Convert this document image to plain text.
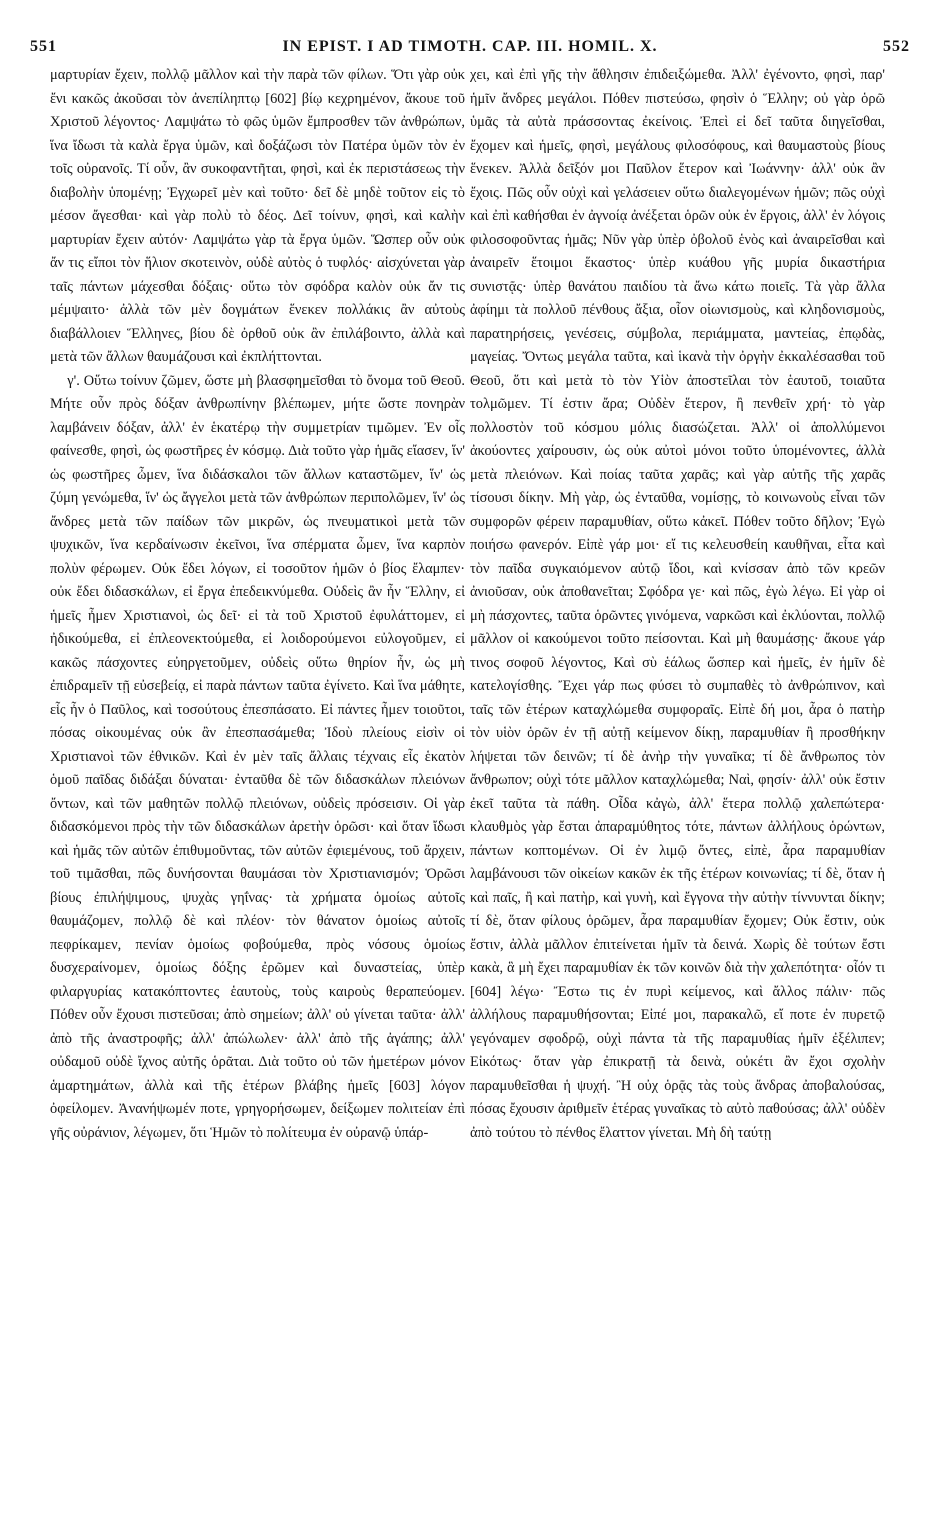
551	IN EPIST. I AD TIMOTH. CAP. III. HOMIL. X.	552

μαρτυρίαν ἔχειν, πολλῷ μᾶλλον καὶ τὴν παρὰ τῶν φίλων. Ὅτι γὰρ οὐκ ἔνι κακῶς ἀκοῦσαι τὸν ἀνεπίληπτῳ [602] βίῳ κεχρημένον, ἄκουε τοῦ Χριστοῦ λέγοντος· Λαμψάτω τὸ φῶς ὑμῶν ἔμπροσθεν τῶν ἀνθρώπων, ἵνα ἴδωσι τὰ καλὰ ἔργα ὑμῶν, καὶ δοξάζωσι τὸν Πατέρα ὑμῶν τὸν ἐν τοῖς οὐρανοῖς. Τί οὖν, ἂν συκοφαντῆται, φησὶ, καὶ ἐκ περιστάσεως τὴν διαβολὴν ὑπομένῃ; Ἐγχωρεῖ μὲν καὶ τοῦτο· δεῖ δὲ μηδὲ τοῦτον εἰς τὸ μέσον ἄγεσθαι· καὶ γὰρ πολὺ τὸ δέος. Δεῖ τοίνυν, φησὶ, καὶ καλὴν μαρτυρίαν ἔχειν αὐτόν· Λαμψάτω γὰρ τὰ ἔργα ὑμῶν. Ὥσπερ οὖν οὐκ ἄν τις εἴποι τὸν ἥλιον σκοτεινὸν, οὐδὲ αὐτὸς ὁ τυφλός· αἰσχύνεται γὰρ ταῖς πάντων μάχεσθαι δόξαις· οὕτω τὸν σφόδρα καλὸν οὐκ ἄν τις μέμψαιτο· ἀλλὰ τῶν μὲν δογμάτων ἕνεκεν πολλάκις ἂν αὐτοὺς διαβάλλοιεν Ἕλληνες, βίου δὲ ὀρθοῦ οὐκ ἂν ἐπιλάβοιντο, ἀλλὰ καὶ μετὰ τῶν ἄλλων θαυμάζουσι καὶ ἐκπλήττονται.

γ'. Οὕτω τοίνυν ζῶμεν, ὥστε μὴ βλασφημεῖσθαι τὸ ὄνομα τοῦ Θεοῦ. Μήτε οὖν πρὸς δόξαν ἀνθρωπίνην βλέπωμεν, μήτε ὥστε πονηρὰν λαμβάνειν δόξαν, ἀλλ' ἐν ἑκατέρῳ τὴν συμμετρίαν τιμῶμεν. Ἐν οἷς φαίνεσθε, φησὶ, ὡς φωστῆρες ἐν κόσμῳ. Διὰ τοῦτο γὰρ ἡμᾶς εἴασεν, ἵν' ὡς φωστῆρες ὦμεν, ἵνα διδάσκαλοι τῶν ἄλλων καταστῶμεν, ἵν' ὡς ζύμη γενώμεθα, ἵν' ὡς ἄγγελοι μετὰ τῶν ἀνθρώπων περιπολῶμεν, ἵν' ὡς ἄνδρες μετὰ τῶν παίδων τῶν μικρῶν, ὡς πνευματικοὶ μετὰ τῶν ψυχικῶν, ἵνα κερδαίνωσιν ἐκεῖνοι, ἵνα σπέρματα ὦμεν, ἵνα καρπὸν πολὺν φέρωμεν. Οὐκ ἔδει λόγων, εἰ τοσοῦτον ἡμῶν ὁ βίος ἔλαμπεν· οὐκ ἔδει διδασκάλων, εἰ ἔργα ἐπεδεικνύμεθα. Οὐδεὶς ἂν ἦν Ἕλλην, εἰ ἡμεῖς ἦμεν Χριστιανοὶ, ὡς δεῖ· εἰ τὰ τοῦ Χριστοῦ ἐφυλάττομεν, εἰ ἠδικούμεθα, εἰ ἐπλεονεκτούμεθα, εἰ λοιδορούμενοι εὐλογοῦμεν, εἰ κακῶς πάσχοντες εὐηργετοῦμεν, οὐδεὶς οὕτω θηρίον ἦν, ὡς μὴ ἐπιδραμεῖν τῇ εὐσεβείᾳ, εἰ παρὰ πάντων ταῦτα ἐγίνετο. Καὶ ἵνα μάθητε, εἷς ἦν ὁ Παῦλος, καὶ τοσούτους ἐπεσπάσατο. Εἰ πάντες ἦμεν τοιοῦτοι, πόσας οἰκουμένας οὐκ ἂν ἐπεσπασάμεθα; Ἰδοὺ πλείους εἰσὶν οἱ Χριστιανοὶ τῶν ἐθνικῶν. Καὶ ἐν μὲν ταῖς ἄλλαις τέχναις εἷς ἑκατὸν ὁμοῦ παῖδας διδάξαι δύναται· ἐνταῦθα δὲ τῶν διδασκάλων πλειόνων ὄντων, καὶ τῶν μαθητῶν πολλῷ πλειόνων, οὐδεὶς πρόσεισιν. Οἱ γὰρ διδασκόμενοι πρὸς τὴν τῶν διδασκάλων ἀρετὴν ὁρῶσι· καὶ ὅταν ἴδωσι καὶ ἡμᾶς τῶν αὐτῶν ἐπιθυμοῦντας, τῶν αὐτῶν ἐφιεμένους, τοῦ ἄρχειν, τοῦ τιμᾶσθαι, πῶς δυνήσονται θαυμάσαι τὸν Χριστιανισμόν; Ὁρῶσι βίους ἐπιλήψιμους, ψυχὰς γηΐνας· τὰ χρήματα ὁμοίως αὐτοῖς θαυμάζομεν, πολλῷ δὲ καὶ πλέον· τὸν θάνατον ὁμοίως αὐτοῖς πεφρίκαμεν, πενίαν ὁμοίως φοβούμεθα, πρὸς νόσους ὁμοίως δυσχεραίνομεν, ὁμοίως δόξης ἐρῶμεν καὶ δυναστείας, ὑπὲρ φιλαργυρίας κατακόπτοντες ἑαυτοὺς, τοὺς καιροὺς θεραπεύομεν. Πόθεν οὖν ἔχουσι πιστεῦσαι; ἀπὸ σημείων; ἀλλ' οὐ γίνεται ταῦτα· ἀλλ' ἀπὸ τῆς ἀναστροφῆς; ἀλλ' ἀπώλωλεν· ἀλλ' ἀπὸ τῆς ἀγάπης; ἀλλ' οὐδαμοῦ οὐδὲ ἴχνος αὐτῆς ὁρᾶται. Διὰ τοῦτο οὐ τῶν ἡμετέρων μόνον ἁμαρτημάτων, ἀλλὰ καὶ τῆς ἑτέρων βλάβης ἡμεῖς [603] λόγον ὀφείλομεν. Ἀνανήψωμέν ποτε, γρηγορήσωμεν, δείξωμεν πολιτείαν ἐπὶ γῆς οὐράνιον, λέγωμεν, ὅτι Ἡμῶν τὸ πολίτευμα ἐν οὐρανῷ ὑπάρ-

χει, καὶ ἐπὶ γῆς τὴν ἄθλησιν ἐπιδειξώμεθα. Ἀλλ' ἐγένοντο, φησὶ, παρ' ἡμῖν ἄνδρες μεγάλοι. Πόθεν πιστεύσω, φησὶν ὁ Ἕλλην; οὐ γὰρ ὁρῶ ὑμᾶς τὰ αὐτὰ πράσσοντας ἐκείνοις. Ἐπεὶ εἰ δεῖ ταῦτα διηγεῖσθαι, ἔχομεν καὶ ἡμεῖς, φησὶ, μεγάλους φιλοσόφους, καὶ θαυμαστοὺς βίους ἕνεκεν. Ἀλλὰ δεῖξόν μοι Παῦλον ἕτερον καὶ Ἰωάννην· ἀλλ' οὐκ ἂν ἔχοις. Πῶς οὖν οὐχὶ καὶ γελάσειεν οὕτω διαλεγομένων ἡμῶν; πῶς οὐχὶ καὶ ἐπὶ καθήσθαι ἐν ἀγνοίᾳ ἀνέξεται ὁρῶν οὐκ ἐν ἔργοις, ἀλλ' ἐν λόγοις φιλοσοφοῦντας ἡμᾶς; Νῦν γὰρ ὑπὲρ ὀβολοῦ ἑνὸς καὶ ἀναιρεῖσθαι καὶ ἀναιρεῖν ἕτοιμοι ἕκαστος· ὑπὲρ κυάθου γῆς μυρία δικαστήρια συνιστᾷς· ὑπὲρ θανάτου παιδίου τὰ ἄνω κάτω ποιεῖς. Τὰ γὰρ ἄλλα ἀφίημι τὰ πολλοῦ πένθους ἄξια, οἷον οἰωνισμοὺς, καὶ κληδονισμοὺς, παρατηρήσεις, γενέσεις, σύμβολα, περιάμματα, μαντείας, ἐπῳδὰς, μαγείας. Ὄντως μεγάλα ταῦτα, καὶ ἱκανὰ τὴν ὀργὴν ἐκκαλέσασθαι τοῦ Θεοῦ, ὅτι καὶ μετὰ τὸ τὸν Υἱὸν ἀποστεῖλαι τὸν ἑαυτοῦ, τοιαῦτα τολμῶμεν. Τί ἐστιν ἄρα; Οὐδὲν ἕτερον, ἢ πενθεῖν χρή· τὸ γὰρ πολλοστὸν τοῦ κόσμου μόλις διασώζεται. Ἀλλ' οἱ ἀπολλύμενοι ἀκούοντες χαίρουσιν, ὡς οὐκ αὐτοὶ μόνοι τοῦτο ὑπομένοντες, ἀλλὰ μετὰ πλειόνων. Καὶ ποίας ταῦτα χαρᾶς; καὶ γὰρ αὐτῆς τῆς χαρᾶς τίσουσι δίκην. Μὴ γὰρ, ὡς ἐνταῦθα, νομίσῃς, τὸ κοινωνοὺς εἶναι τῶν συμφορῶν φέρειν παραμυθίαν, οὕτω κἀκεῖ. Πόθεν τοῦτο δῆλον; Ἐγὼ ποιήσω φανερόν. Εἰπὲ γάρ μοι· εἴ τις κελευσθείη καυθῆναι, εἶτα καὶ τὸν παῖδα συγκαιόμενον αὐτῷ ἴδοι, καὶ κνίσσαν ἀπὸ τῶν κρεῶν ἀνιοῦσαν, οὐκ ἀποθανεῖται; Σφόδρα γε· καὶ πῶς, ἐγὼ λέγω. Εἰ γὰρ οἱ μὴ πάσχοντες, ταῦτα ὁρῶντες γινόμενα, ναρκῶσι καὶ ἐκλύονται, πολλῷ μᾶλλον οἱ κακούμενοι τοῦτο πείσονται. Καὶ μὴ θαυμάσῃς· ἄκουε γάρ τινος σοφοῦ λέγοντος, Καὶ σὺ ἑάλως ὥσπερ καὶ ἡμεῖς, ἐν ἡμῖν δὲ κατελογίσθης. Ἔχει γάρ πως φύσει τὸ συμπαθὲς τὸ ἀνθρώπινον, καὶ ταῖς τῶν ἑτέρων καταχλώμεθα συμφοραῖς. Εἰπὲ δή μοι, ἆρα ὁ πατὴρ τὸν υἱὸν ὁρῶν ἐν τῇ αὐτῇ κείμενον δίκῃ, παραμυθίαν ἢ προσθήκην λήψεται τῶν δεινῶν; τί δὲ ἀνὴρ τὴν γυναῖκα; τί δὲ ἄνθρωπος τὸν ἄνθρωπον; οὐχὶ τότε μᾶλλον καταχλώμεθα; Ναὶ, φησίν· ἀλλ' οὐκ ἔστιν ἐκεῖ ταῦτα τὰ πάθη. Οἶδα κἀγὼ, ἀλλ' ἕτερα πολλῷ χαλεπώτερα· κλαυθμὸς γὰρ ἔσται ἀπαραμύθητος τότε, πάντων ἀλλήλους ὁρώντων, πάντων κοπτομένων. Οἱ ἐν λιμῷ ὄντες, εἰπὲ, ἆρα παραμυθίαν λαμβάνουσι τῶν οἰκείων κακῶν ἐκ τῆς ἑτέρων κοινωνίας; τί δὲ, ὅταν ἡ καὶ παῖς, ἢ καὶ πατὴρ, καὶ γυνὴ, καὶ ἔγγονα τὴν αὐτὴν τίννυνται δίκην; τί δὲ, ὅταν φίλους ὁρῶμεν, ἆρα παραμυθίαν ἔχομεν; Οὐκ ἔστιν, οὐκ ἔστιν, ἀλλὰ μᾶλλον ἐπιτείνεται ἡμῖν τὰ δεινά. Χωρὶς δὲ τούτων ἔστι κακὰ, ἃ μὴ ἔχει παραμυθίαν ἐκ τῶν κοινῶν διὰ τὴν χαλεπότητα· οἷόν τι [604] λέγω· Ἔστω τις ἐν πυρὶ κείμενος, καὶ ἄλλος πάλιν· πῶς ἀλλήλους παραμυθήσονται; Εἰπέ μοι, παρακαλῶ, εἴ ποτε ἐν πυρετῷ γεγόναμεν σφοδρῷ, οὐχὶ πάντα τὰ τῆς παραμυθίας ἡμῖν ἐξέλιπεν; Εἰκότως· ὅταν γὰρ ἐπικρατῇ τὰ δεινὰ, οὐκέτι ἂν ἔχοι σχολὴν παραμυθεῖσθαι ἡ ψυχή. Ἢ οὐχ ὁρᾷς τὰς τοὺς ἄνδρας ἀποβαλούσας, πόσας ἔχουσιν ἀριθμεῖν ἑτέρας γυναῖκας τὸ αὐτὸ παθούσας; ἀλλ' οὐδὲν ἀπὸ τούτου τὸ πένθος ἔλαττον γίνεται. Μὴ δὴ ταύτῃ
